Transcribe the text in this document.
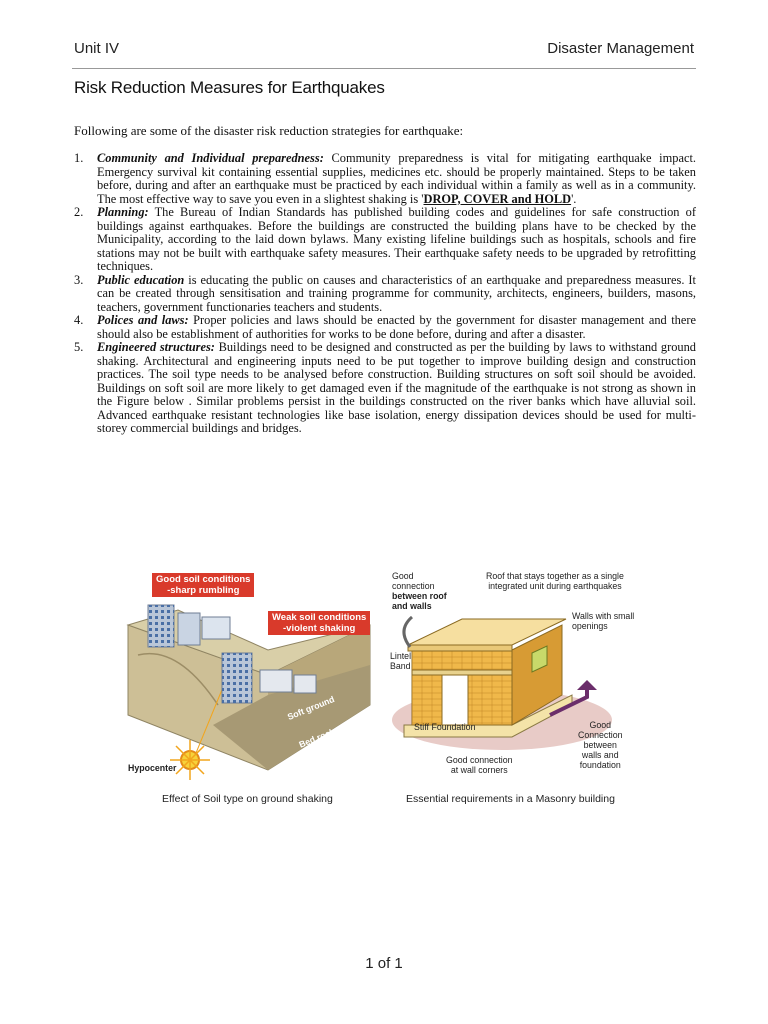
Unit IV	Disaster Management
Risk Reduction Measures for Earthquakes
Following are some of the disaster risk reduction strategies for earthquake:
1. Community and Individual preparedness: Community preparedness is vital for mitigating earthquake impact. Emergency survival kit containing essential supplies, medicines etc. should be properly maintained. Steps to be taken before, during and after an earthquake must be practiced by each individual within a family as well as in a community. The most effective way to save you even in a slightest shaking is 'DROP, COVER and HOLD'.
2. Planning: The Bureau of Indian Standards has published building codes and guidelines for safe construction of buildings against earthquakes. Before the buildings are constructed the building plans have to be checked by the Municipality, according to the laid down bylaws. Many existing lifeline buildings such as hospitals, schools and fire stations may not be built with earthquake safety measures. Their earthquake safety needs to be upgraded by retrofitting techniques.
3. Public education is educating the public on causes and characteristics of an earthquake and preparedness measures. It can be created through sensitisation and training programme for community, architects, engineers, builders, masons, teachers, government functionaries teachers and students.
4. Polices and laws: Proper policies and laws should be enacted by the government for disaster management and there should also be establishment of authorities for works to be done before, during and after a disaster.
5. Engineered structures: Buildings need to be designed and constructed as per the building by laws to withstand ground shaking. Architectural and engineering inputs need to be put together to improve building design and construction practices. The soil type needs to be analysed before construction. Building structures on soft soil should be avoided. Buildings on soft soil are more likely to get damaged even if the magnitude of the earthquake is not strong as shown in the Figure below . Similar problems persist in the buildings constructed on the river banks which have alluvial soil. Advanced earthquake resistant technologies like base isolation, energy dissipation devices should be used for multi-storey commercial buildings and bridges.
Good soil conditions
-sharp rumbling
Weak soil conditions
-violent shaking
Soft ground
Bed rock
Hypocenter
Effect of Soil type on ground shaking
Good
connection
between roof
and walls
Roof that stays together as a single
integrated unit during earthquakes
Walls with small
openings
Lintel
Band
Stiff Foundation
Good connection
at wall corners
Good
Connection
between
walls and
foundation
Essential requirements in a Masonry building
1 of 1
